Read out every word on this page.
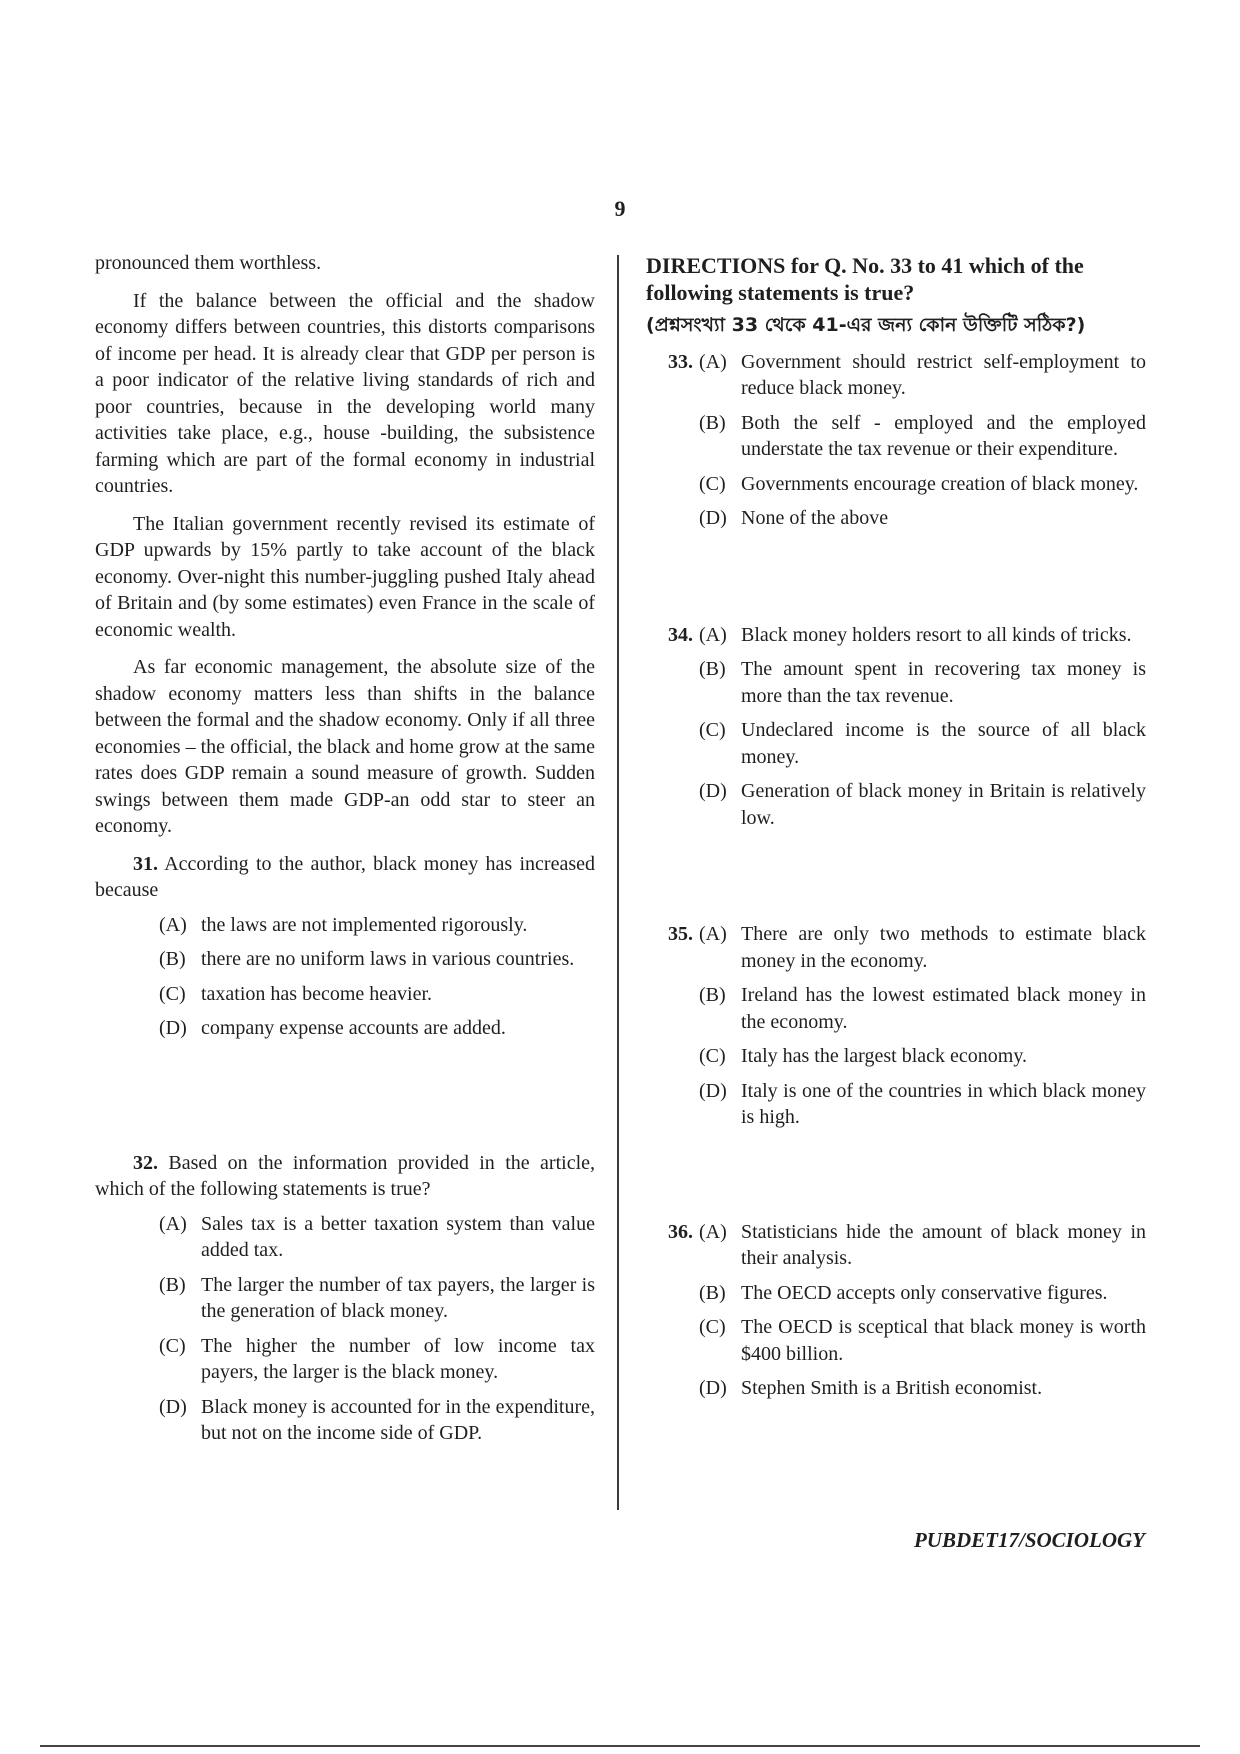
9

pronounced them worthless.

If the balance between the official and the shadow economy differs between countries, this distorts comparisons of income per head. It is already clear that GDP per person is a poor indicator of the relative living standards of rich and poor countries, because in the developing world many activities take place, e.g., house -building, the subsistence farming which are part of the formal economy in industrial countries.

The Italian government recently revised its estimate of GDP upwards by 15% partly to take account of the black economy. Over-night this number-juggling pushed Italy ahead of Britain and (by some estimates) even France in the scale of economic wealth.

As far economic management, the absolute size of the shadow economy matters less than shifts in the balance between the formal and the shadow economy. Only if all three economies – the official, the black and home grow at the same rates does GDP remain a sound measure of growth. Sudden swings between them made GDP-an odd star to steer an economy.

31. According to the author, black money has increased because

(A) the laws are not implemented rigorously.
(B) there are no uniform laws in various countries.
(C) taxation has become heavier.
(D) company expense accounts are added.

32. Based on the information provided in the article, which of the following statements is true?

(A) Sales tax is a better taxation system than value added tax.
(B) The larger the number of tax payers, the larger is the generation of black money.
(C) The higher the number of low income tax payers, the larger is the black money.
(D) Black money is accounted for in the expenditure, but not on the income side of GDP.
DIRECTIONS for Q. No. 33 to 41 which of the following statements is true?
(প্রশ্নসংখ্যা 33 থেকে 41-এর জন্য কোন উক্তিটি সঠিক?)
33. (A) Government should restrict self-employment to reduce black money.
(B) Both the self - employed and the employed understate the tax revenue or their expenditure.
(C) Governments encourage creation of black money.
(D) None of the above
34. (A) Black money holders resort to all kinds of tricks.
(B) The amount spent in recovering tax money is more than the tax revenue.
(C) Undeclared income is the source of all black money.
(D) Generation of black money in Britain is relatively low.
35. (A) There are only two methods to estimate black money in the economy.
(B) Ireland has the lowest estimated black money in the economy.
(C) Italy has the largest black economy.
(D) Italy is one of the countries in which black money is high.
36. (A) Statisticians hide the amount of black money in their analysis.
(B) The OECD accepts only conservative figures.
(C) The OECD is sceptical that black money is worth $400 billion.
(D) Stephen Smith is a British economist.
PUBDET17/SOCIOLOGY
